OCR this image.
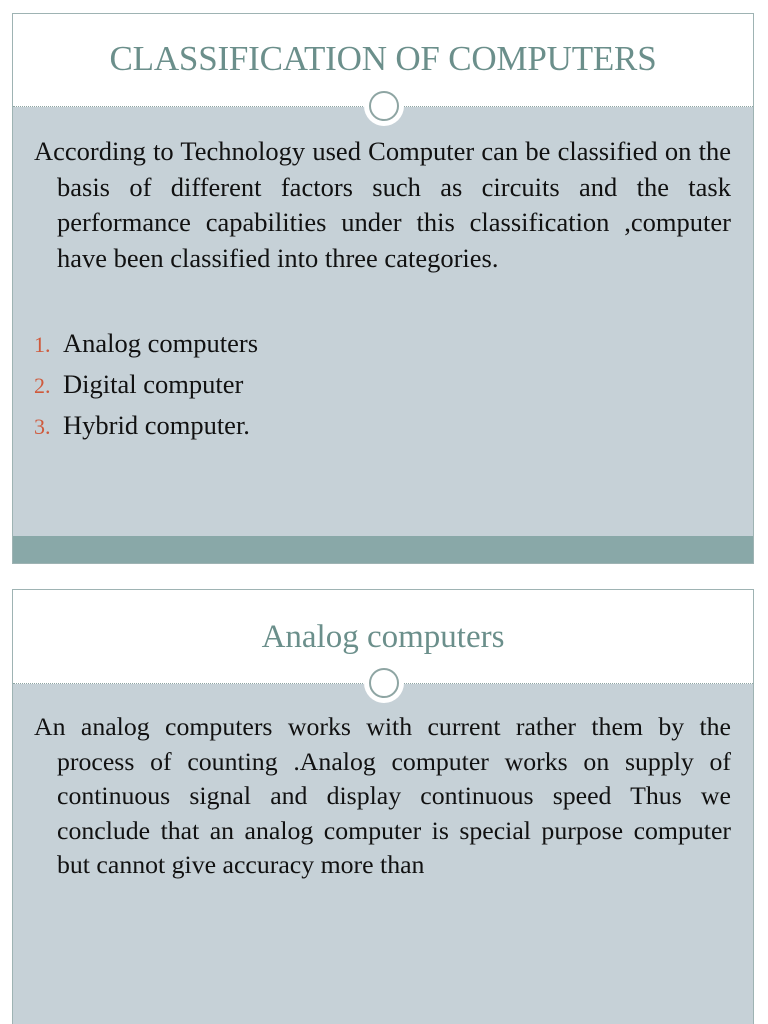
CLASSIFICATION OF COMPUTERS

According to Technology used Computer can be classified on the basis of different factors such as circuits and the task performance capabilities under this classification ,computer have been classified into three categories.

1. Analog computers
2. Digital computer
3. Hybrid computer.
Analog computers

An analog computers works with current rather them by the process of counting .Analog computer works on supply of continuous signal and display continuous speed Thus we conclude that an analog computer is special purpose computer but cannot give accuracy more than
